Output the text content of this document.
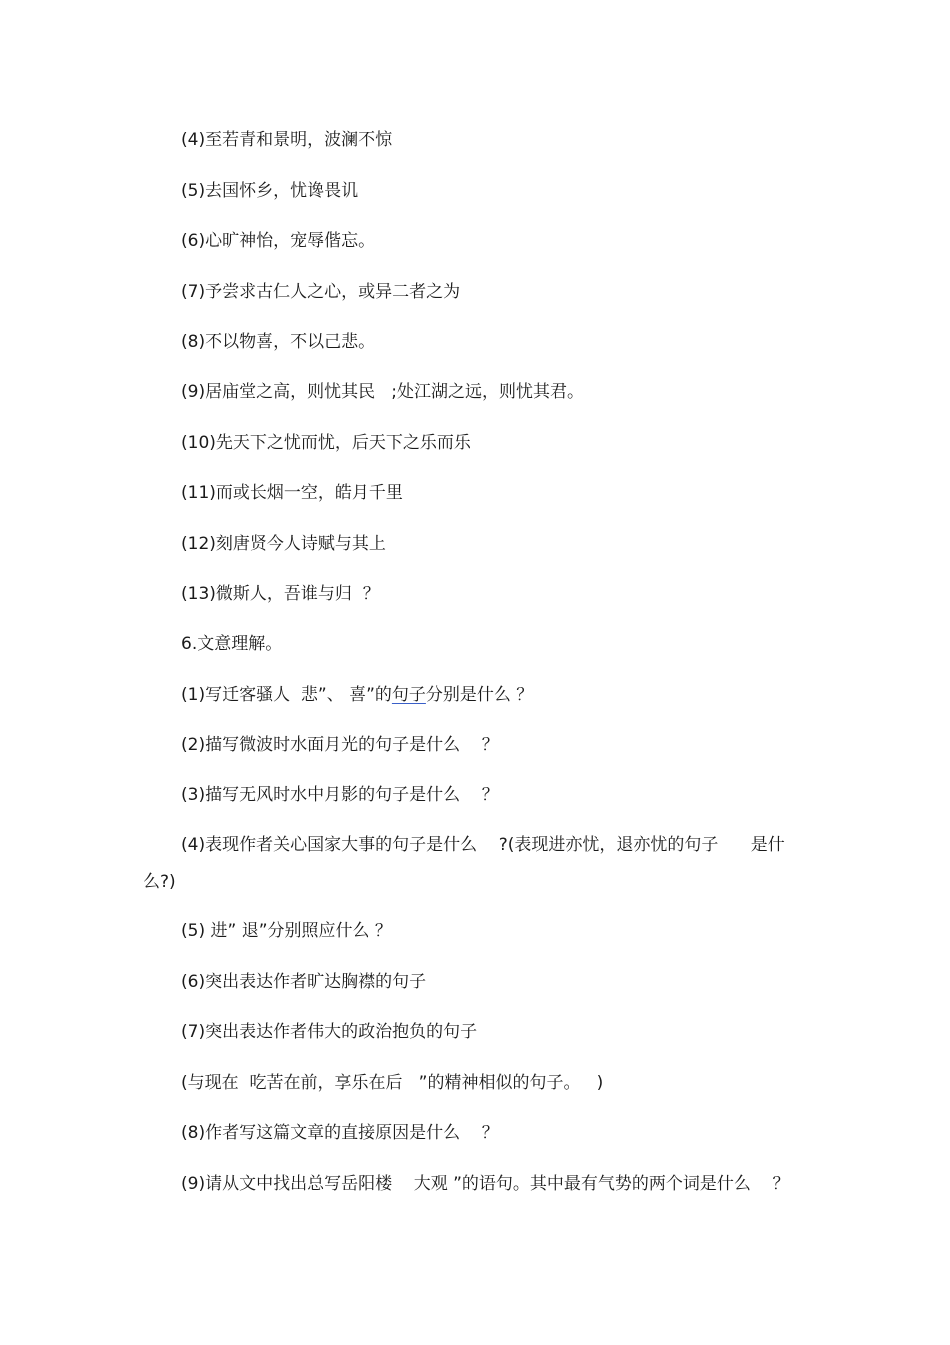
(4)至若青和景明，波澜不惊
(5)去国怀乡，忧谗畏讥
(6)心旷神怡，宠辱偕忘。
(7)予尝求古仁人之心，或异二者之为
(8)不以物喜，不以己悲。
(9)居庙堂之高，则忧其民   ;处江湖之远，则忧其君。
(10)先天下之忧而忧，后天下之乐而乐
(11)而或长烟一空，皓月千里
(12)刻唐贤今人诗赋与其上
(13)微斯人，吾谁与归  ？
6.文意理解。
(1)写迁客骚人  悲”、 喜”的句子分别是什么 ？
(2)描写微波时水面月光的句子是什么    ？
(3)描写无风时水中月影的句子是什么    ？
(4)表现作者关心国家大事的句子是什么    ?(表现进亦忧，退亦忧的句子      是什
么?)
(5) 进” 退”分别照应什么 ？
(6)突出表达作者旷达胸襟的句子
(7)突出表达作者伟大的政治抱负的句子
(与现在  吃苦在前，享乐在后   ”的精神相似的句子。   )
(8)作者写这篇文章的直接原因是什么    ？
(9)请从文中找出总写岳阳楼    大观 ”的语句。其中最有气势的两个词是什么    ？
